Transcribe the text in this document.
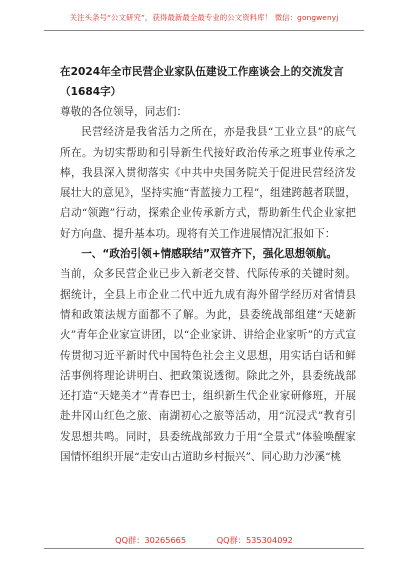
关注头条号“公文研究”，获得最新最全最专业的公文资料库！ 微信：gongwenyj
在2024年全市民营企业家队伍建设工作座谈会上的交流发言（1684字）

尊敬的各位领导，同志们：

民营经济是我省活力之所在，亦是我县“工业立县”的底气所在。为切实帮助和引导新生代接好政治传承之班事业传承之棒，我县深入贯彻落实《中共中央国务院关于促进民营经济发展壮大的意见》，坚持实施“青蓝接力工程”，组建跨越者联盟，启动“领跑”行动，探索企业传承新方式，帮助新生代企业家把好方向盘、提升基本功。现将有关工作进展情况汇报如下：

一、“政治引领+情感联结”双管齐下，强化思想领航。

当前，众多民营企业已步入新老交替、代际传承的关键时刻。据统计，全县上市企业二代中近九成有海外留学经历对省情县情和政策法规方面都不了解。为此，县委统战部组建“天姥新火”青年企业家宣讲团，以“企业家讲、讲给企业家听”的方式宣传贯彻习近平新时代中国特色社会主义思想，用实话白话和鲜活事例将理论讲明白、把政策说透彻。除此之外，县委统战部还打造“天姥美才”青春巴士，组织新生代企业家研修班，开展赴井冈山红色之旅、南湖初心之旅等活动，用“沉浸式”教育引发思想共鸣。同时，县委统战部致力于用“全景式”体验唤醒家国情怀组织开展“走安山古道助乡村振兴”、同心助力沙溪“桃

QQ群：30265665	QQ群：535304092
